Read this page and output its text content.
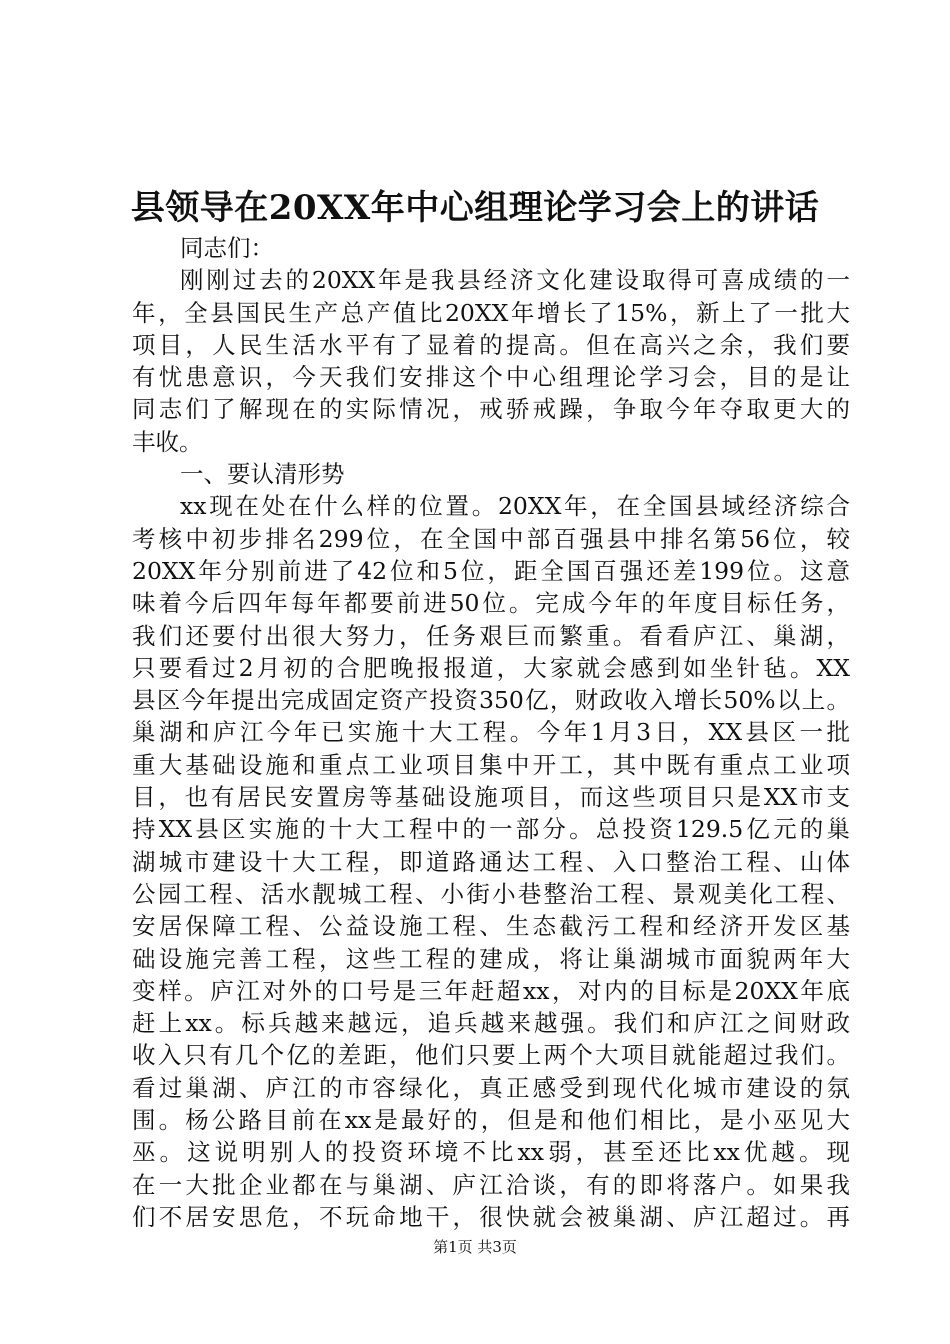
县领导在20XX年中心组理论学习会上的讲话
同志们：
刚刚过去的20XX年是我县经济文化建设取得可喜成绩的一
年，全县国民生产总产值比20XX年增长了15%，新上了一批大
项目，人民生活水平有了显着的提高。但在高兴之余，我们要
有忧患意识，今天我们安排这个中心组理论学习会，目的是让
同志们了解现在的实际情况，戒骄戒躁，争取今年夺取更大的
丰收。
一、要认清形势
xx现在处在什么样的位置。20XX年，在全国县域经济综合
考核中初步排名299位，在全国中部百强县中排名第56位，较
20XX年分别前进了42位和5位，距全国百强还差199位。这意
味着今后四年每年都要前进50位。完成今年的年度目标任务，
我们还要付出很大努力，任务艰巨而繁重。看看庐江、巢湖，
只要看过2月初的合肥晚报报道，大家就会感到如坐针毡。XX
县区今年提出完成固定资产投资350亿，财政收入增长50%以上。
巢湖和庐江今年已实施十大工程。今年1月3日，XX县区一批
重大基础设施和重点工业项目集中开工，其中既有重点工业项
目，也有居民安置房等基础设施项目，而这些项目只是XX市支
持XX县区实施的十大工程中的一部分。总投资129.5亿元的巢
湖城市建设十大工程，即道路通达工程、入口整治工程、山体
公园工程、活水靓城工程、小街小巷整治工程、景观美化工程、
安居保障工程、公益设施工程、生态截污工程和经济开发区基
础设施完善工程，这些工程的建成，将让巢湖城市面貌两年大
变样。庐江对外的口号是三年赶超xx，对内的目标是20XX年底
赶上xx。标兵越来越远，追兵越来越强。我们和庐江之间财政
收入只有几个亿的差距，他们只要上两个大项目就能超过我们。
看过巢湖、庐江的市容绿化，真正感受到现代化城市建设的氛
围。杨公路目前在xx是最好的，但是和他们相比，是小巫见大
巫。这说明别人的投资环境不比xx弱，甚至还比xx优越。现
在一大批企业都在与巢湖、庐江洽谈，有的即将落户。如果我
们不居安思危，不玩命地干，很快就会被巢湖、庐江超过。再
第1页 共3页
